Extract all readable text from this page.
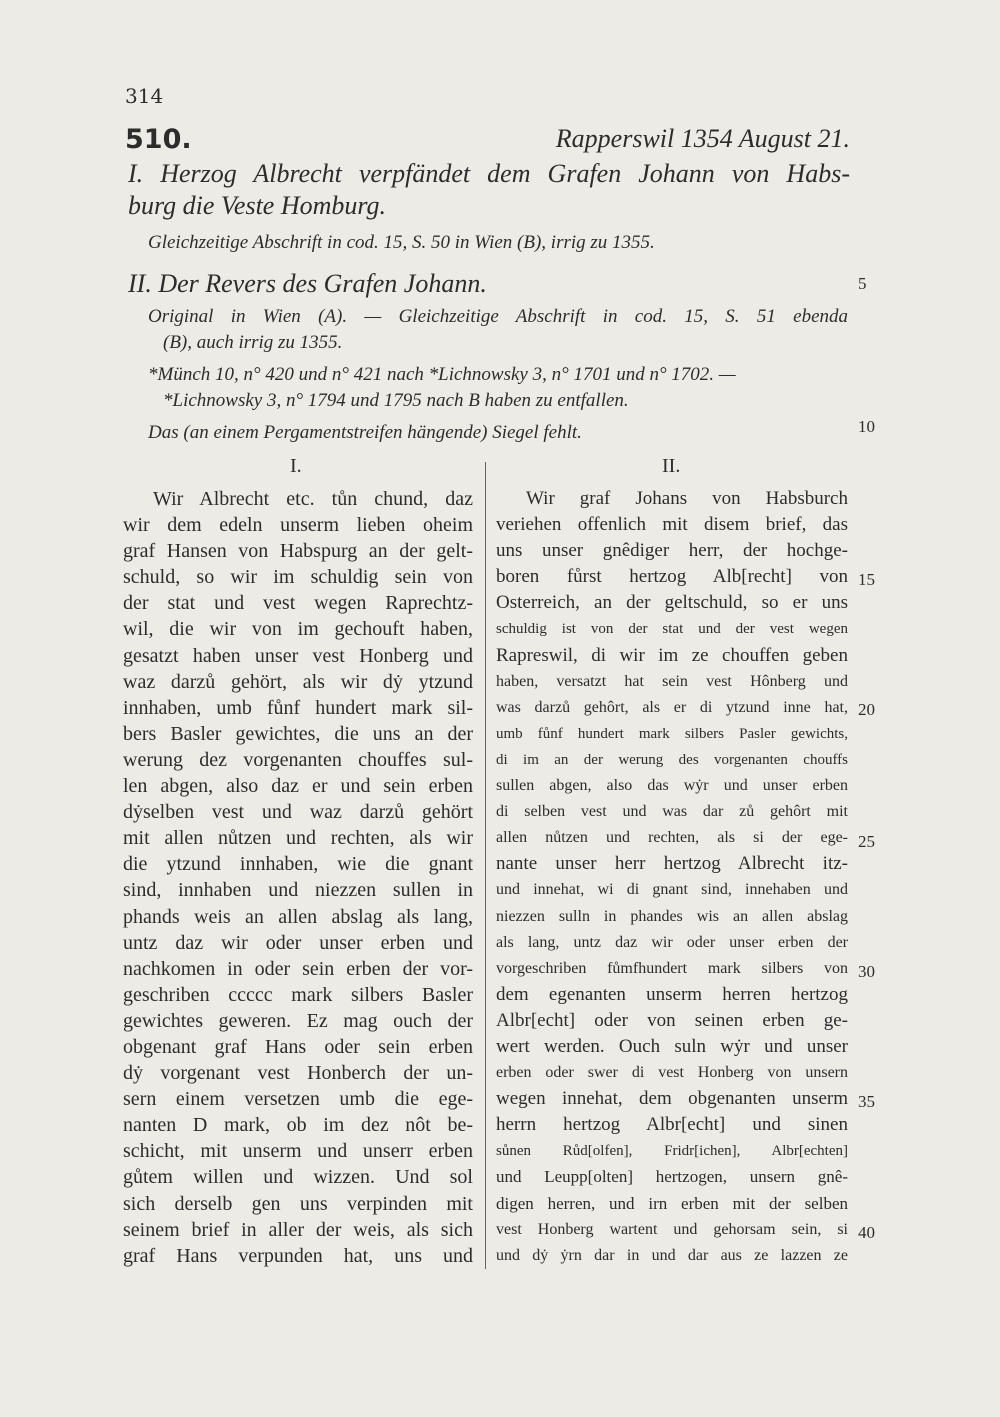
314
510.	Rapperswil 1354 August 21.
I. Herzog Albrecht verpfändet dem Grafen Johann von Habs-
burg die Veste Homburg.
Gleichzeitige Abschrift in cod. 15, S. 50 in Wien (B), irrig zu 1355.
II. Der Revers des Grafen Johann.
Original in Wien (A). — Gleichzeitige Abschrift in cod. 15, S. 51 ebenda
(B), auch irrig zu 1355.
*Münch 10, n° 420 und n° 421 nach *Lichnowsky 3, n° 1701 und n° 1702. —
*Lichnowsky 3, n° 1794 und 1795 nach B haben zu entfallen.
Das (an einem Pergamentstreifen hängende) Siegel fehlt.
5
10
15
20
25
30
35
40
I.	II.
Wir Albrecht etc. tůn chund, daz
wir dem edeln unserm lieben oheim
graf Hansen von Habspurg an der gelt-
schuld, so wir im schuldig sein von
der stat und vest wegen Raprechtz-
wil, die wir von im gechouft haben,
gesatzt haben unser vest Honberg und
waz darzů gehört, als wir dẏ ytzund
innhaben, umb fůnf hundert mark sil-
bers Basler gewichtes, die uns an der
werung dez vorgenanten chouffes sul-
len abgen, also daz er und sein erben
dẏselben vest und waz darzů gehört
mit allen nůtzen und rechten, als wir
die ytzund innhaben, wie die gnant
sind, innhaben und niezzen sullen in
phands weis an allen abslag als lang,
untz daz wir oder unser erben und
nachkomen in oder sein erben der vor-
geschriben ccccc mark silbers Basler
gewichtes geweren. Ez mag ouch der
obgenant graf Hans oder sein erben
dẏ vorgenant vest Honberch der un-
sern einem versetzen umb die ege-
nanten D mark, ob im dez nôt be-
schicht, mit unserm und unserr erben
gůtem willen und wizzen. Und sol
sich derselb gen uns verpinden mit
seinem brief in aller der weis, als sich
graf Hans verpunden hat, uns und
Wir graf Johans von Habsburch
veriehen offenlich mit disem brief, das
uns unser gnêdiger herr, der hochge-
boren fůrst hertzog Alb[recht] von
Osterreich, an der geltschuld, so er uns
schuldig ist von der stat und der vest wegen
Rapreswil, di wir im ze chouffen geben
haben, versatzt hat sein vest Hônberg und
was darzů gehôrt, als er di ytzund inne hat,
umb fůnf hundert mark silbers Pasler gewichts,
di im an der werung des vorgenanten chouffs
sullen abgen, also das wẏr und unser erben
di selben vest und was dar zů gehôrt mit
allen nůtzen und rechten, als si der ege-
nante unser herr hertzog Albrecht itz-
und innehat, wi di gnant sind, innehaben und
niezzen sulln in phandes wis an allen abslag
als lang, untz daz wir oder unser erben der
vorgeschriben fůmfhundert mark silbers von
dem egenanten unserm herren hertzog
Albr[echt] oder von seinen erben ge-
wert werden. Ouch suln wẏr und unser
erben oder swer di vest Honberg von unsern
wegen innehat, dem obgenanten unserm
herrn hertzog Albr[echt] und sinen
sůnen Růd[olfen], Fridr[ichen], Albr[echten]
und Leupp[olten] hertzogen, unsern gnê-
digen herren, und irn erben mit der selben
vest Honberg wartent und gehorsam sein, si
und dẏ ẏrn dar in und dar aus ze lazzen ze
